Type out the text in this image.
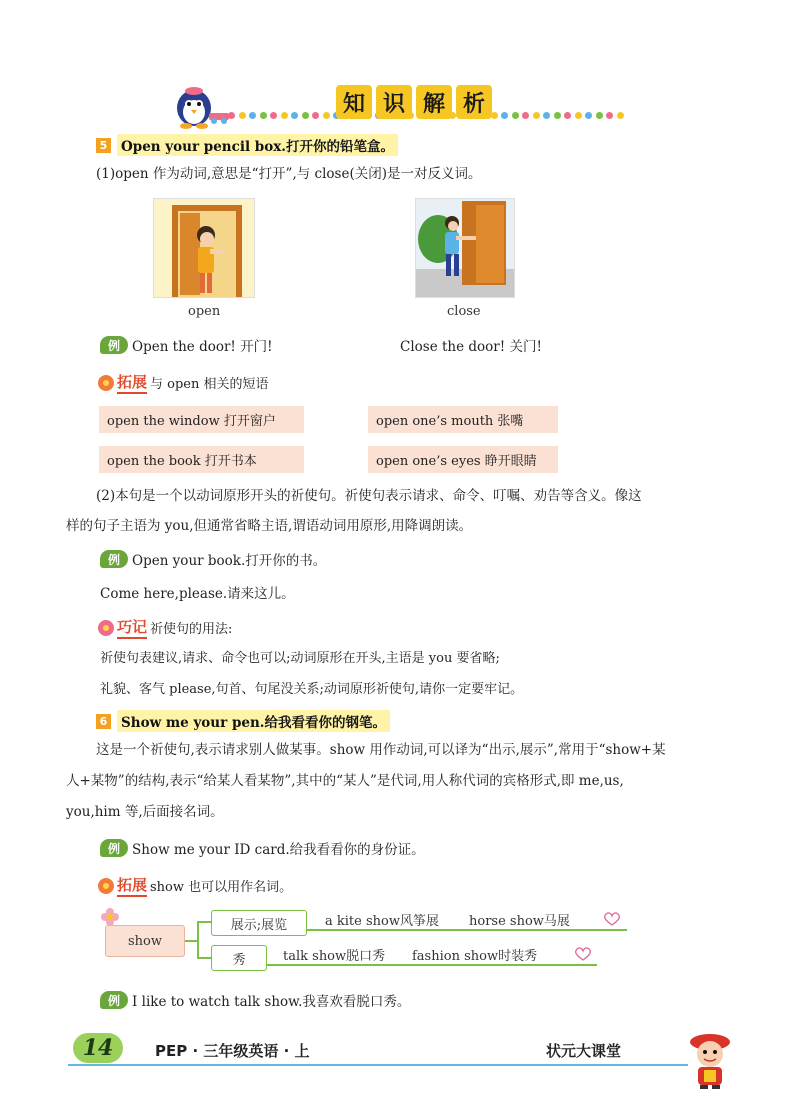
知 识 解 析
5 Open your pencil box.打开你的铅笔盒。
(1)open 作为动词,意思是“打开”,与 close(关闭)是一对反义词。
open	close
例 Open the door! 开门!	Close the door! 关门!
拓展 与 open 相关的短语
open the window 打开窗户	open one’s mouth 张嘴
open the book 打开书本	open one’s eyes 睁开眼睛
(2)本句是一个以动词原形开头的祈使句。祈使句表示请求、命令、叮嘱、劝告等含义。像这
样的句子主语为 you,但通常省略主语,谓语动词用原形,用降调朗读。
例 Open your book.打开你的书。
Come here,please.请来这儿。
巧记 祈使句的用法:
祈使句表建议,请求、命令也可以;动词原形在开头,主语是 you 要省略;
礼貌、客气 please,句首、句尾没关系;动词原形祈使句,请你一定要牢记。
6 Show me your pen.给我看看你的钢笔。
这是一个祈使句,表示请求别人做某事。show 用作动词,可以译为“出示,展示”,常用于“show+某
人+某物”的结构,表示“给某人看某物”,其中的“某人”是代词,用人称代词的宾格形式,即 me,us,
you,him 等,后面接名词。
例 Show me your ID card.给我看看你的身份证。
拓展 show 也可以用作名词。
show
展示;展览	a kite show风筝展 horse show马展
秀	talk show脱口秀 fashion show时装秀
例 I like to watch talk show.我喜欢看脱口秀。
14	PEP · 三年级英语 · 上	状元大课堂
